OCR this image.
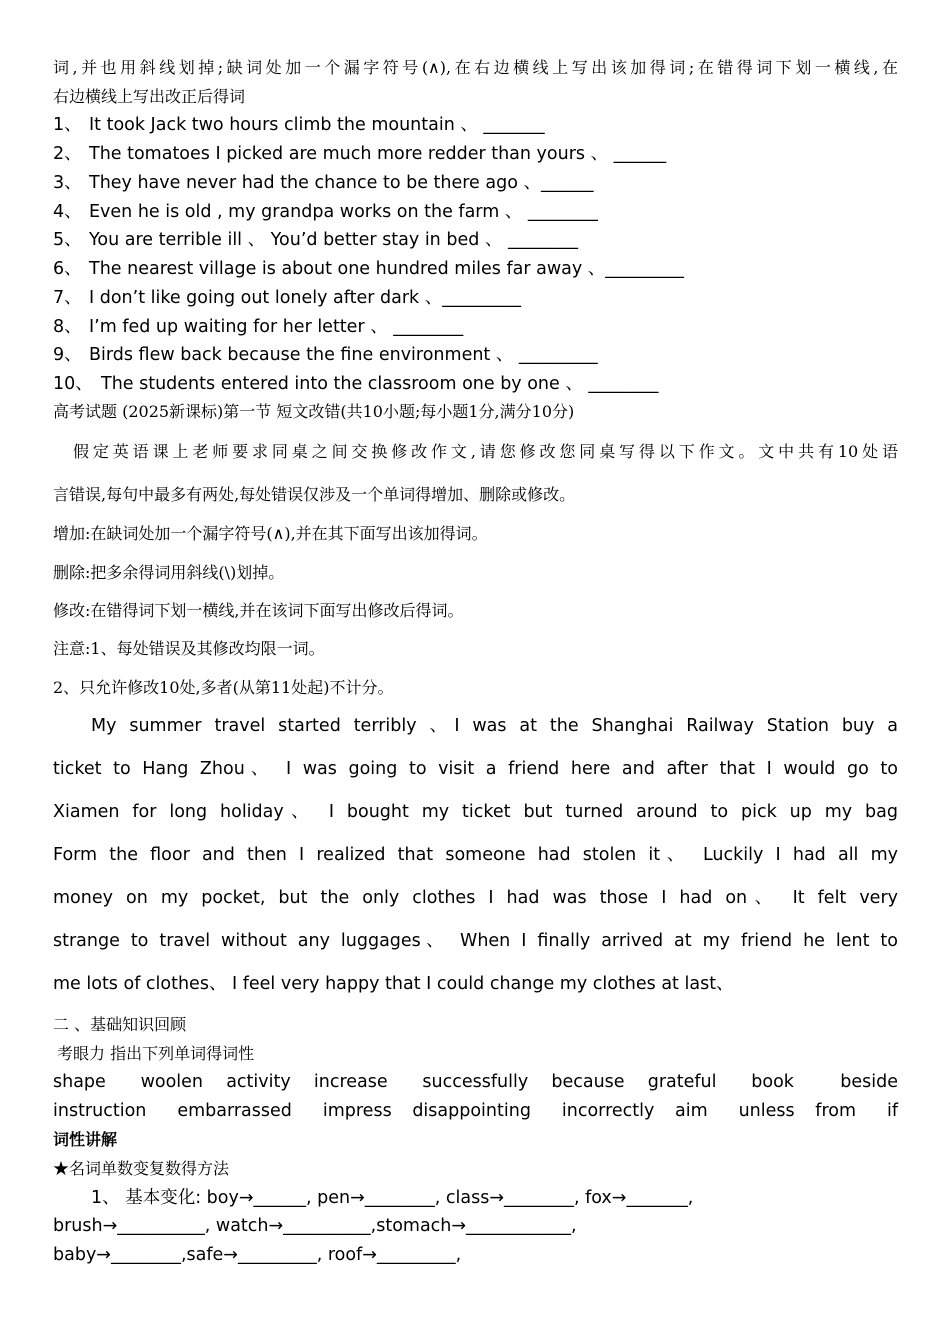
词,并也用斜线划掉;缺词处加一个漏字符号(∧),在右边横线上写出该加得词;在错得词下划一横线,在
右边横线上写出改正后得词
1、 It took Jack two hours climb the mountain 、 _______
2、 The tomatoes I picked are much more redder than yours 、 ______
3、 They have never had the chance to be there ago 、______
4、 Even he is old , my grandpa works on the farm 、 ________
5、 You are terrible ill 、 You’d better stay in bed 、 ________
6、 The nearest village is about one hundred miles far away 、_________
7、 I don’t like going out lonely after dark 、_________
8、 I’m fed up waiting for her letter 、 ________
9、 Birds flew back because the fine environment 、 _________
10、 The students entered into the classroom one by one 、 ________
高考试题 (2025新课标)第一节 短文改错(共10小题;每小题1分,满分10分)
假定英语课上老师要求同桌之间交换修改作文,请您修改您同桌写得以下作文。文中共有10处语
言错误,每句中最多有两处,每处错误仅涉及一个单词得增加、删除或修改。
增加:在缺词处加一个漏字符号(∧),并在其下面写出该加得词。
删除:把多余得词用斜线(\)划掉。
修改:在错得词下划一横线,并在该词下面写出修改后得词。
注意:1、每处错误及其修改均限一词。
2、只允许修改10处,多者(从第11处起)不计分。
My summer travel started terribly 、I was at the Shanghai Railway Station buy a
ticket to Hang Zhou、 I was going to visit a friend here and after that I would go to
Xiamen for long holiday、 I bought my ticket but turned around to pick up my bag
Form the floor and then I realized that someone had stolen it、 Luckily I had all my
money on my pocket, but the only clothes I had was those I had on、 It felt very
strange to travel without any luggages、 When I finally arrived at my friend he lent to
me lots of clothes、 I feel very happy that I could change my clothes at last、
二 、基础知识回顾
考眼力 指出下列单词得词性
shape   woolen  activity  increase   successfully  because  grateful   book    beside
instruction   embarrassed   impress  disappointing   incorrectly  aim   unless  from   if
词性讲解
★名词单数变复数得方法
1、 基本变化: boy→______, pen→________, class→________, fox→_______,
brush→__________, watch→__________,stomach→____________,
baby→________,safe→_________, roof→_________,
